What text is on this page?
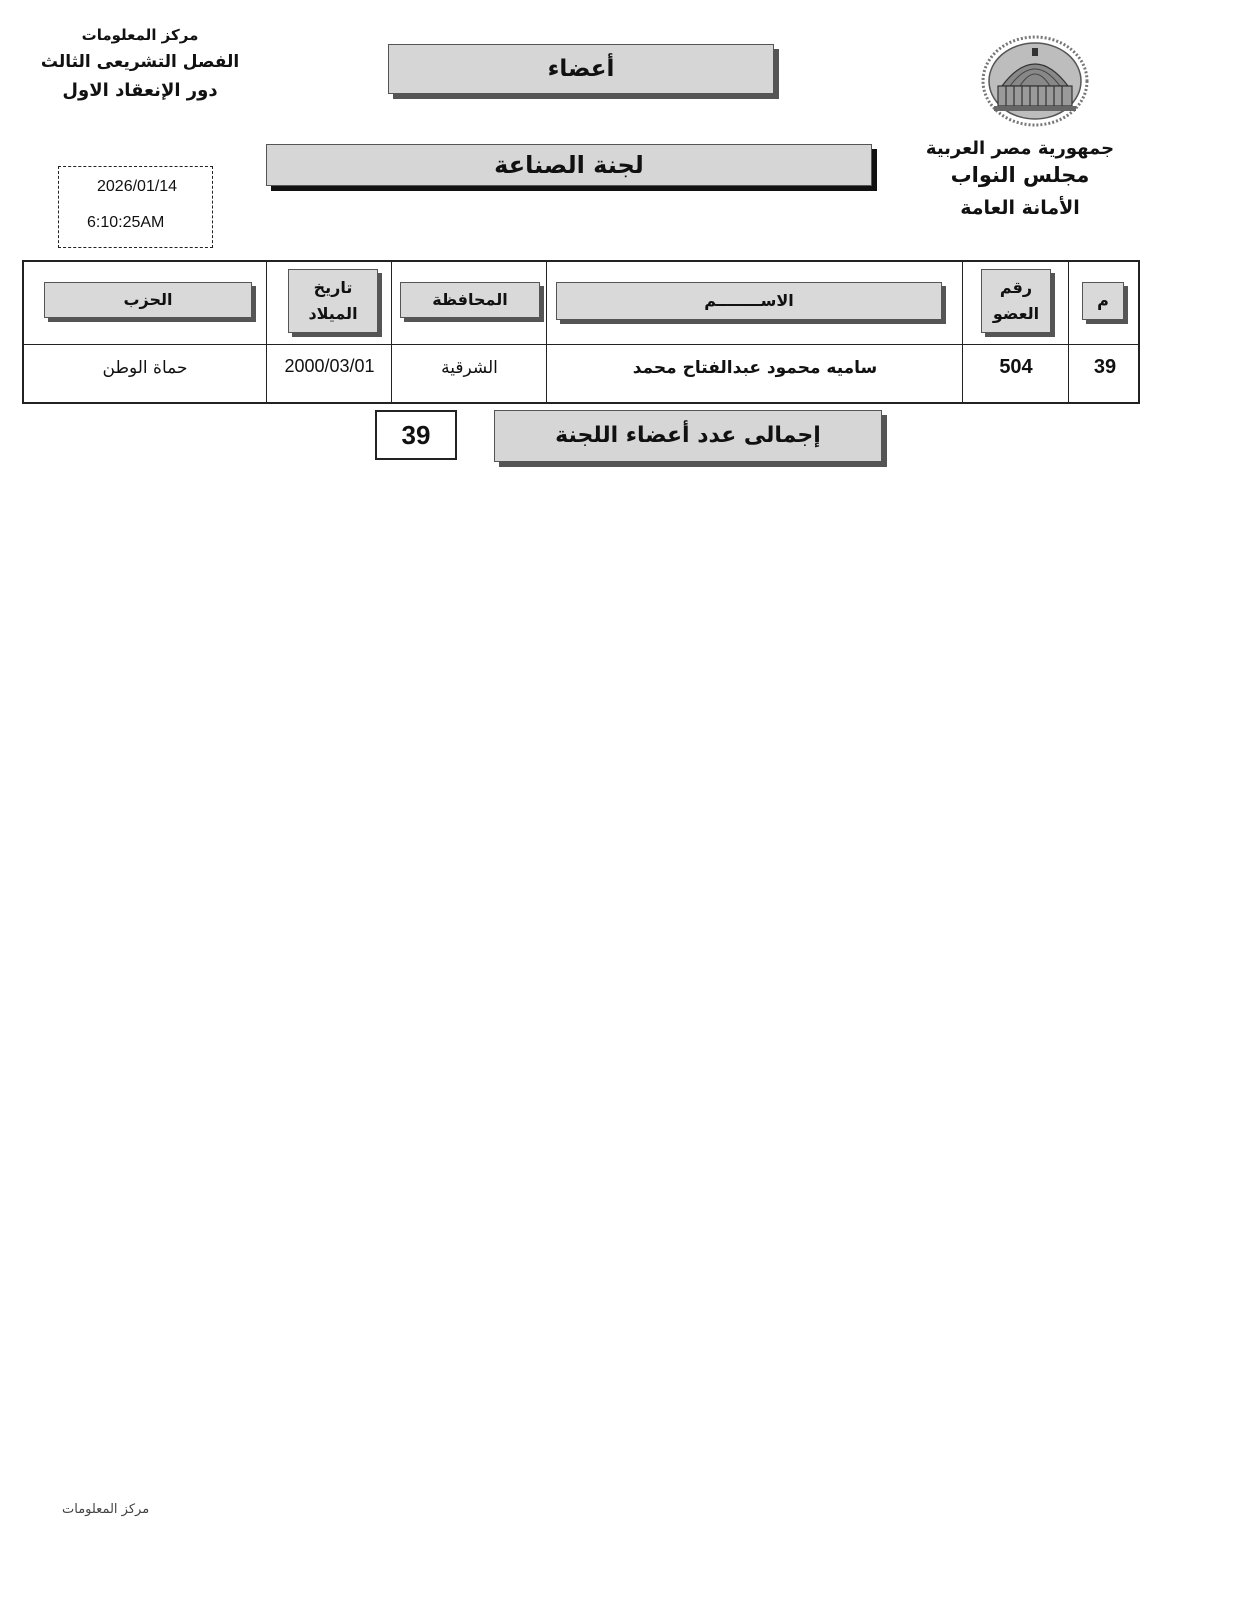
مركز المعلومات
الفصل التشريعى الثالث
دور الإنعقاد الاول
جمهورية مصر العربية
مجلس النواب
الأمانة العامة
أعضاء
لجنة الصناعة
2026/01/14
6:10:25AM
م
رقم
العضو
الاســــــــم
المحافظة
تاريخ
الميلاد
الحزب
39
504
ساميه محمود عبدالفتاح محمد
الشرقية
2000/03/01
حماة الوطن
39	إجمالى عدد أعضاء اللجنة
مركز المعلومات
